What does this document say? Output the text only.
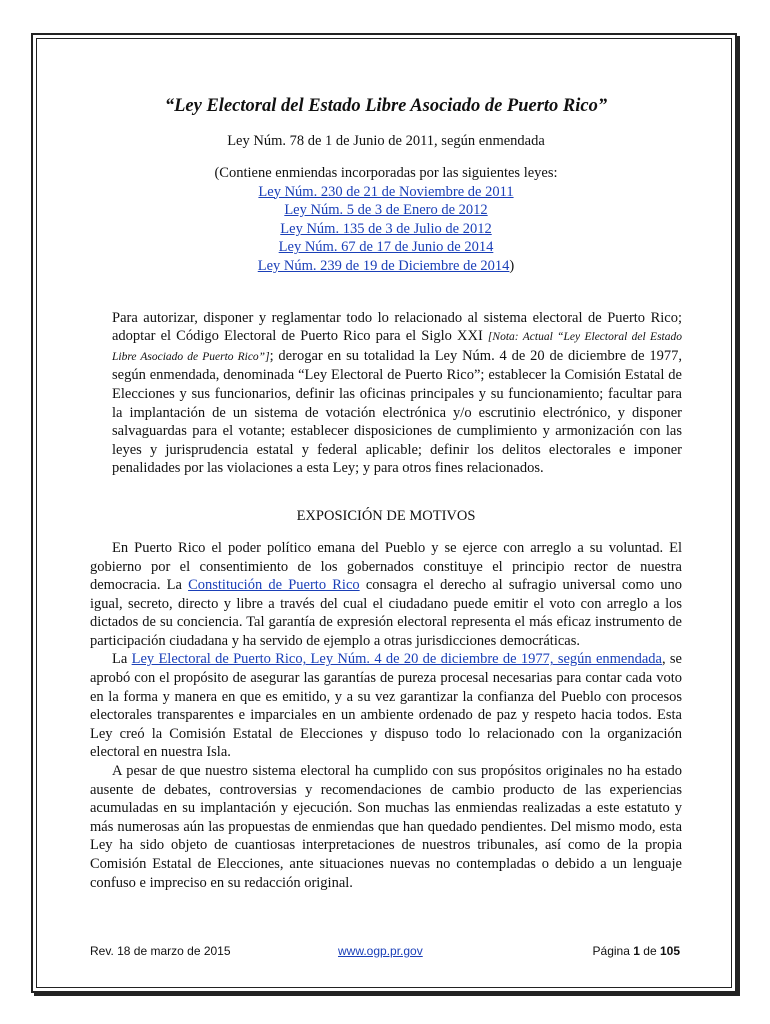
“Ley Electoral del Estado Libre Asociado de Puerto Rico”
Ley Núm. 78 de 1 de Junio de 2011, según enmendada
(Contiene enmiendas incorporadas por las siguientes leyes:
Ley Núm. 230 de 21 de Noviembre de 2011
Ley Núm. 5 de 3 de Enero de 2012
Ley Núm. 135 de 3 de Julio de 2012
Ley Núm. 67 de 17 de Junio de 2014
Ley Núm. 239 de 19 de Diciembre de 2014)
Para autorizar, disponer y reglamentar todo lo relacionado al sistema electoral de Puerto Rico; adoptar el Código Electoral de Puerto Rico para el Siglo XXI [Nota: Actual “Ley Electoral del Estado Libre Asociado de Puerto Rico”]; derogar en su totalidad la Ley Núm. 4 de 20 de diciembre de 1977, según enmendada, denominada “Ley Electoral de Puerto Rico”; establecer la Comisión Estatal de Elecciones y sus funcionarios, definir las oficinas principales y su funcionamiento; facultar para la implantación de un sistema de votación electrónica y/o escrutinio electrónico, y disponer salvaguardas para el votante; establecer disposiciones de cumplimiento y armonización con las leyes y jurisprudencia estatal y federal aplicable; definir los delitos electorales e imponer penalidades por las violaciones a esta Ley; y para otros fines relacionados.
EXPOSICIÓN DE MOTIVOS

En Puerto Rico el poder político emana del Pueblo y se ejerce con arreglo a su voluntad. El gobierno por el consentimiento de los gobernados constituye el principio rector de nuestra democracia. La Constitución de Puerto Rico consagra el derecho al sufragio universal como uno igual, secreto, directo y libre a través del cual el ciudadano puede emitir el voto con arreglo a los dictados de su conciencia. Tal garantía de expresión electoral representa el más eficaz instrumento de participación ciudadana y ha servido de ejemplo a otras jurisdicciones democráticas.

La Ley Electoral de Puerto Rico, Ley Núm. 4 de 20 de diciembre de 1977, según enmendada, se aprobó con el propósito de asegurar las garantías de pureza procesal necesarias para contar cada voto en la forma y manera en que es emitido, y a su vez garantizar la confianza del Pueblo con procesos electorales transparentes e imparciales en un ambiente ordenado de paz y respeto hacia todos. Esta Ley creó la Comisión Estatal de Elecciones y dispuso todo lo relacionado con la organización electoral en nuestra Isla.

A pesar de que nuestro sistema electoral ha cumplido con sus propósitos originales no ha estado ausente de debates, controversias y recomendaciones de cambio producto de las experiencias acumuladas en su implantación y ejecución. Son muchas las enmiendas realizadas a este estatuto y más numerosas aún las propuestas de enmiendas que han quedado pendientes. Del mismo modo, esta Ley ha sido objeto de cuantiosas interpretaciones de nuestros tribunales, así como de la propia Comisión Estatal de Elecciones, ante situaciones nuevas no contempladas o debido a un lenguaje confuso e impreciso en su redacción original.

Rev. 18 de marzo de 2015	www.ogp.pr.gov	Página 1 de 105
